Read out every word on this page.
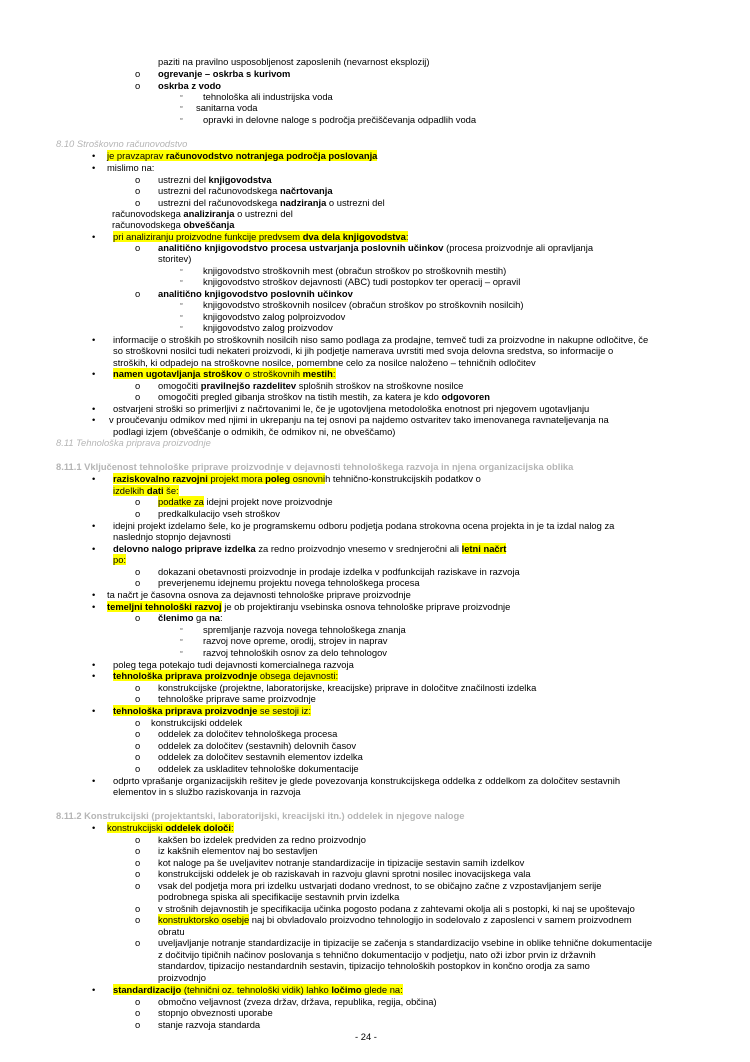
paziti na pravilno usposobljenost zaposlenih (nevarnost eksplozij)
o ogrevanje – oskrba s kurivom
o oskrba z vodo
▫ tehnološka ali industrijska voda
▫ sanitarna voda
▫ opravki in delovne naloge s področja prečiščevanja odpadlih voda
8.10 Stroškovno računovodstvo
• je pravzaprav računovodstvo notranjega področja poslovanja
• mislimo na:
o ustrezni del knjigovodstva
o ustrezni del računovodskega načrtovanja
o ustrezni del računovodskega nadziranja o ustrezni del
računovodskega analiziranja o ustrezni del
računovodskega obveščanja
• pri analiziranju proizvodne funkcije predvsem dva dela knjigovodstva:
o analitično knjigovodstvo procesa ustvarjanja poslovnih učinkov (procesa proizvodnje ali opravljanja
storitev)
▫ knjigovodstvo stroškovnih mest (obračun stroškov po stroškovnih mestih)
▫ knjigovodstvo stroškov dejavnosti (ABC) tudi postopkov ter operacij – opravil
o analitično knjigovodstvo poslovnih učinkov
▫ knjigovodstvo stroškovnih nosilcev (obračun stroškov po stroškovnih nosilcih)
▫ knjigovodstvo zalog polproizvodov
▫ knjigovodstvo zalog proizvodov
• informacije o stroških po stroškovnih nosilcih niso samo podlaga za prodajne, temveč tudi za proizvodne in nakupne odločitve, če
so stroškovni nosilci tudi nekateri proizvodi, ki jih podjetje namerava uvrstiti med svoja delovna sredstva, so informacije o
stroških, ki odpadejo na stroškovne nosilce, pomembne celo za nosilce naloženo – tehničnih odločitev
• namen ugotavljanja stroškov o stroškovnih mestih:
o omogočiti pravilnejšo razdelitev splošnih stroškov na stroškovne nosilce
o omogočiti pregled gibanja stroškov na tistih mestih, za katera je kdo odgovoren
• ostvarjeni stroški so primerljivi z načrtovanimi le, če je ugotovljena metodološka enotnost pri njegovem ugotavljanju
• v proučevanju odmikov med njimi in ukrepanju na tej osnovi pa najdemo ostvaritev tako imenovanega ravnateljevanja na
podlagi izjem (obveščanje o odmikih, če odmikov ni, ne obveščamo)
8.11 Tehnološka priprava proizvodnje
8.11.1 Vključenost tehnološke priprave proizvodnje v dejavnosti tehnološkega razvoja in njena organizacijska oblika
• raziskovalno razvojni projekt mora poleg osnovnih tehnično-konstrukcijskih podatkov o
izdelkih dati še:
o podatke za idejni projekt nove proizvodnje
o predkalkulacijo vseh stroškov
• idejni projekt izdelamo šele, ko je programskemu odboru podjetja podana strokovna ocena projekta in je ta izdal nalog za
naslednjo stopnjo dejavnosti
• delovno nalogo priprave izdelka za redno proizvodnjo vnesemo v srednjeročni ali letni načrt
po:
o dokazani obetavnosti proizvodnje in prodaje izdelka v podfunkcijah raziskave in razvoja
o preverjenemu idejnemu projektu novega tehnološkega procesa
• ta načrt je časovna osnova za dejavnosti tehnološke priprave proizvodnje
• temeljni tehnološki razvoj je ob projektiranju vsebinska osnova tehnološke priprave proizvodnje
o členimo ga na:
▫ spremljanje razvoja novega tehnološkega znanja
▫ razvoj nove opreme, orodij, strojev in naprav
▫ razvoj tehnoloških osnov za delo tehnologov
• poleg tega potekajo tudi dejavnosti komercialnega razvoja
• tehnološka priprava proizvodnje obsega dejavnosti:
o konstrukcijske (projektne, laboratorijske, kreacijske) priprave in določitve značilnosti izdelka
o tehnološke priprave same proizvodnje
• tehnološka priprava proizvodnje se sestoji iz:
o konstrukcijski oddelek
o oddelek za določitev tehnološkega procesa
o oddelek za določitev (sestavnih) delovnih časov
o oddelek za določitev sestavnih elementov izdelka
o oddelek za uskladitev tehnološke dokumentacije
• odprto vprašanje organizacijskih rešitev je glede povezovanja konstrukcijskega oddelka z oddelkom za določitev sestavnih
elementov in s službo raziskovanja in razvoja
8.11.2 Konstrukcijski (projektantski, laboratorijski, kreacijski itn.) oddelek in njegove naloge
• konstrukcijski oddelek določi:
o kakšen bo izdelek predviden za redno proizvodnjo
o iz kakšnih elementov naj bo sestavljen
o kot naloge pa še uveljavitev notranje standardizacije in tipizacije sestavin samih izdelkov
o konstrukcijski oddelek je ob raziskavah in razvoju glavni sprotni nosilec inovacijskega vala
o vsak del podjetja mora pri izdelku ustvarjati dodano vrednost, to se običajno začne z vzpostavljanjem serije
podrobnega spiska ali specifikacije sestavnih prvin izdelka
o v strošnih dejavnostih je specifikacija učinka pogosto podana z zahtevami okolja ali s postopki, ki naj se upoštevajo
o konstruktorsko osebje naj bi obvladovalo proizvodno tehnologijo in sodelovalo z zaposlenci v samem proizvodnem
obratu
o uveljavljanje notranje standardizacije in tipizacije se začenja s standardizacijo vsebine in oblike tehnične dokumentacije
z dočitvijo tipičnih načinov poslovanja s tehnično dokumentacijo v podjetju, nato oži izbor prvin iz državnih
standardov, tipizacijo nestandardnih sestavin, tipizacijo tehnoloških postopkov in končno orodja za samo
proizvodnjo
• standardizacijo (tehnični oz. tehnološki vidik) lahko ločimo glede na:
o območno veljavnost (zveza držav, država, republika, regija, občina)
o stopnjo obveznosti uporabe
o stanje razvoja standarda
- 24 -
